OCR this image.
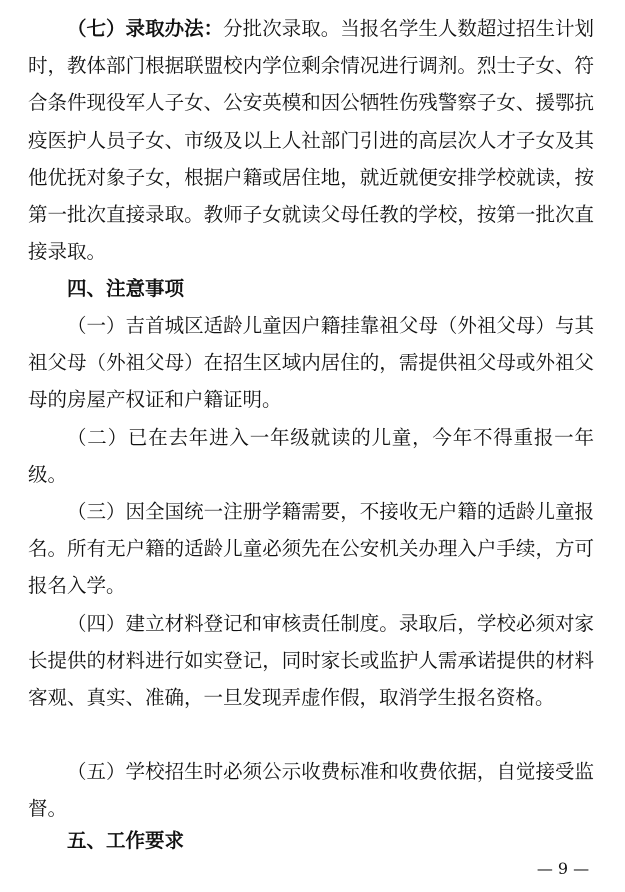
（七）录取办法：分批次录取。当报名学生人数超过招生计划时，教体部门根据联盟校内学位剩余情况进行调剂。烈士子女、符合条件现役军人子女、公安英模和因公牺牲伤残警察子女、援鄂抗疫医护人员子女、市级及以上人社部门引进的高层次人才子女及其他优抚对象子女，根据户籍或居住地，就近就便安排学校就读，按第一批次直接录取。教师子女就读父母任教的学校，按第一批次直接录取。

四、注意事项

（一）吉首城区适龄儿童因户籍挂靠祖父母（外祖父母）与其祖父母（外祖父母）在招生区域内居住的，需提供祖父母或外祖父母的房屋产权证和户籍证明。

（二）已在去年进入一年级就读的儿童，今年不得重报一年级。

（三）因全国统一注册学籍需要，不接收无户籍的适龄儿童报名。所有无户籍的适龄儿童必须先在公安机关办理入户手续，方可报名入学。

（四）建立材料登记和审核责任制度。录取后，学校必须对家长提供的材料进行如实登记，同时家长或监护人需承诺提供的材料客观、真实、准确，一旦发现弄虚作假，取消学生报名资格。

（五）学校招生时必须公示收费标准和收费依据，自觉接受监督。

五、工作要求
— 9 —
